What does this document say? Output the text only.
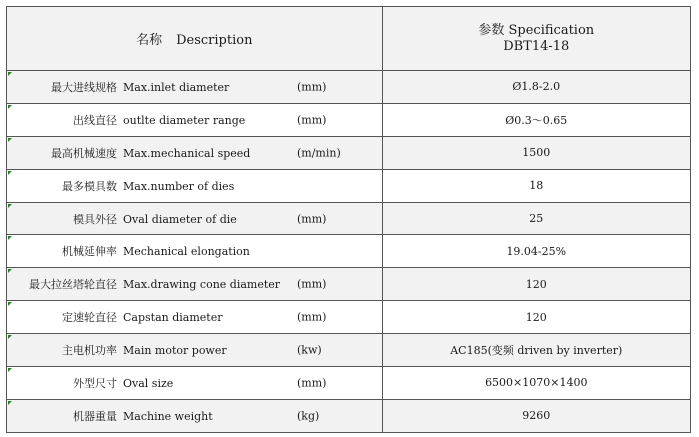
名称 Description	参数 Specification
DBT14-18

最大进线规格 Max.inlet diameter (mm)	Ø1.8-2.0

出线直径 outlte diameter range (mm)	Ø0.3～0.65

最高机械速度 Max.mechanical speed (m/min)	1500

最多模具数 Max.number of dies	18

模具外径 Oval diameter of die (mm)	25

机械延伸率 Mechanical elongation	19.04-25%

最大拉丝塔轮直径 Max.drawing cone diameter (mm)	120

定速轮直径 Capstan diameter (mm)	120

主电机功率 Main motor power (kw)	AC185(变频 driven by inverter)

外型尺寸 Oval size (mm)	6500×1070×1400

机器重量 Machine weight (kg)	9260
